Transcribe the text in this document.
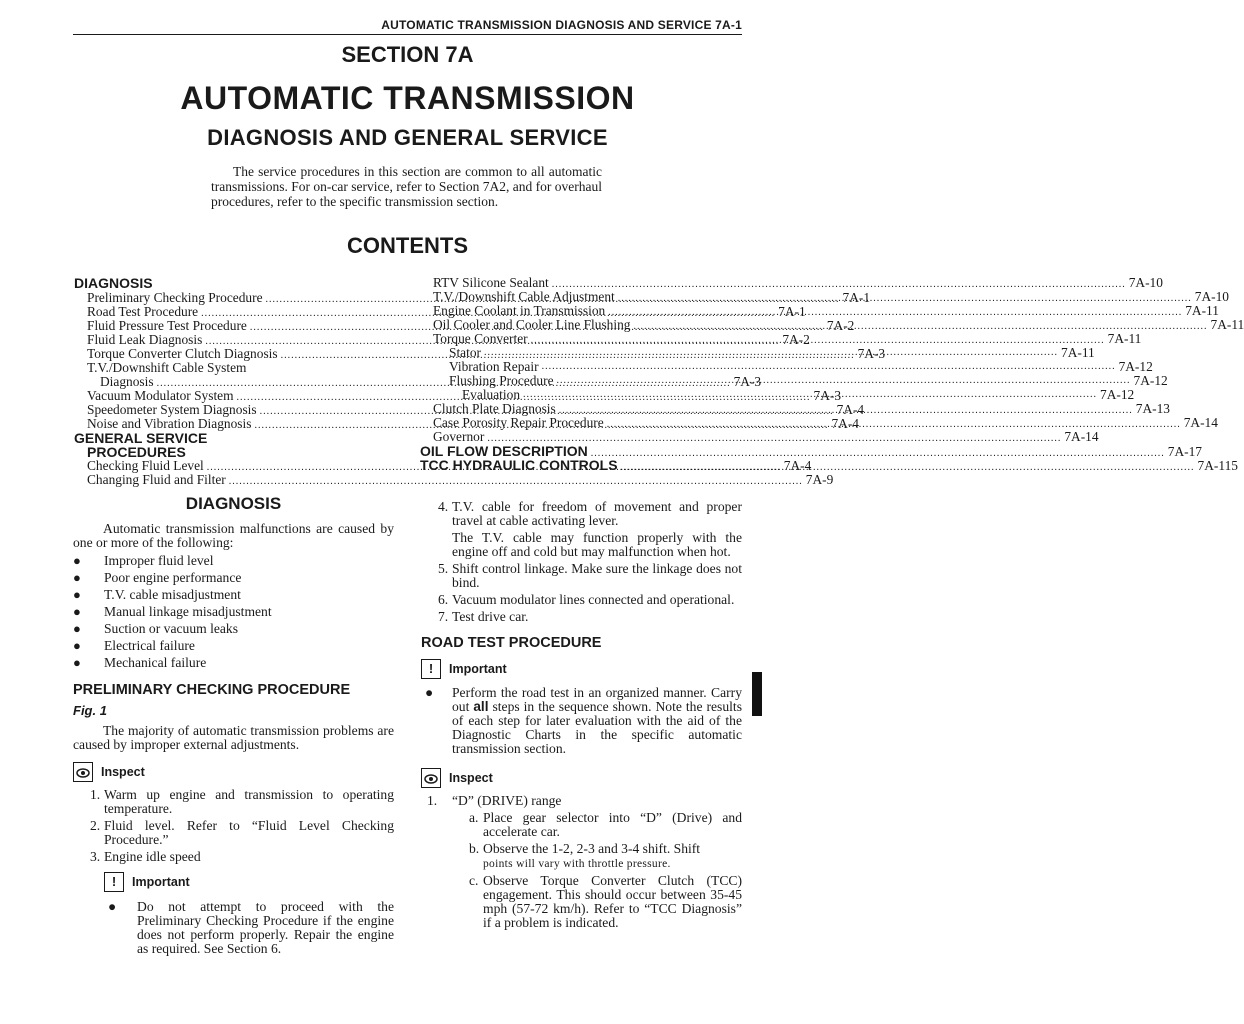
AUTOMATIC TRANSMISSION DIAGNOSIS AND SERVICE 7A-1
SECTION 7A
AUTOMATIC TRANSMISSION
DIAGNOSIS AND GENERAL SERVICE
The service procedures in this section are common to all automatic transmissions. For on-car service, refer to Section 7A2, and for overhaul procedures, refer to the specific transmission section.
CONTENTS
DIAGNOSIS
Preliminary Checking Procedure .....	7A-1
Road Test Procedure .....	7A-1
Fluid Pressure Test Procedure .....	7A-2
Fluid Leak Diagnosis .....	7A-2
Torque Converter Clutch Diagnosis .....	7A-3
T.V./Downshift Cable System
Diagnosis .....	7A-3
Vacuum Modulator System .....	7A-3
Speedometer System Diagnosis .....	7A-4
Noise and Vibration Diagnosis .....	7A-4
GENERAL SERVICE
PROCEDURES
Checking Fluid Level .....	7A-4
Changing Fluid and Filter .....	7A-9
RTV Silicone Sealant .....	7A-10
T.V./Downshift Cable Adjustment .....	7A-10
Engine Coolant in Transmission .....	7A-11
Oil Cooler and Cooler Line Flushing .....	7A-11
Torque Converter .....	7A-11
Stator .....	7A-11
Vibration Repair .....	7A-12
Flushing Procedure .....	7A-12
Evaluation .....	7A-12
Clutch Plate Diagnosis .....	7A-13
Case Porosity Repair Procedure .....	7A-14
Governor .....	7A-14
OIL FLOW DESCRIPTION .....	7A-17
TCC HYDRAULIC CONTROLS .....	7A-115
DIAGNOSIS
Automatic transmission malfunctions are caused by one or more of the following:
●	Improper fluid level
●	Poor engine performance
●	T.V. cable misadjustment
●	Manual linkage misadjustment
●	Suction or vacuum leaks
●	Electrical failure
●	Mechanical failure
PRELIMINARY CHECKING PROCEDURE
Fig. 1
The majority of automatic transmission problems are caused by improper external adjustments.
Inspect
1. Warm up engine and transmission to operating temperature.
2. Fluid level. Refer to “Fluid Level Checking Procedure.”
3. Engine idle speed
! Important
●	Do not attempt to proceed with the Preliminary Checking Procedure if the engine does not perform properly. Repair the engine as required. See Section 6.
4. T.V. cable for freedom of movement and proper travel at cable activating lever.
The T.V. cable may function properly with the engine off and cold but may malfunction when hot.
5. Shift control linkage. Make sure the linkage does not bind.
6. Vacuum modulator lines connected and operational.
7. Test drive car.
ROAD TEST PROCEDURE
! Important
●	Perform the road test in an organized manner. Carry out all steps in the sequence shown. Note the results of each step for later evaluation with the aid of the Diagnostic Charts in the specific automatic transmission section.
Inspect
1.	“D” (DRIVE) range
a. Place gear selector into “D” (Drive) and accelerate car.
b. Observe the 1-2, 2-3 and 3-4 shift. Shift
points will vary with throttle pressure.
c. Observe Torque Converter Clutch (TCC) engagement. This should occur between 35-45 mph (57-72 km/h). Refer to “TCC Diagnosis” if a problem is indicated.
